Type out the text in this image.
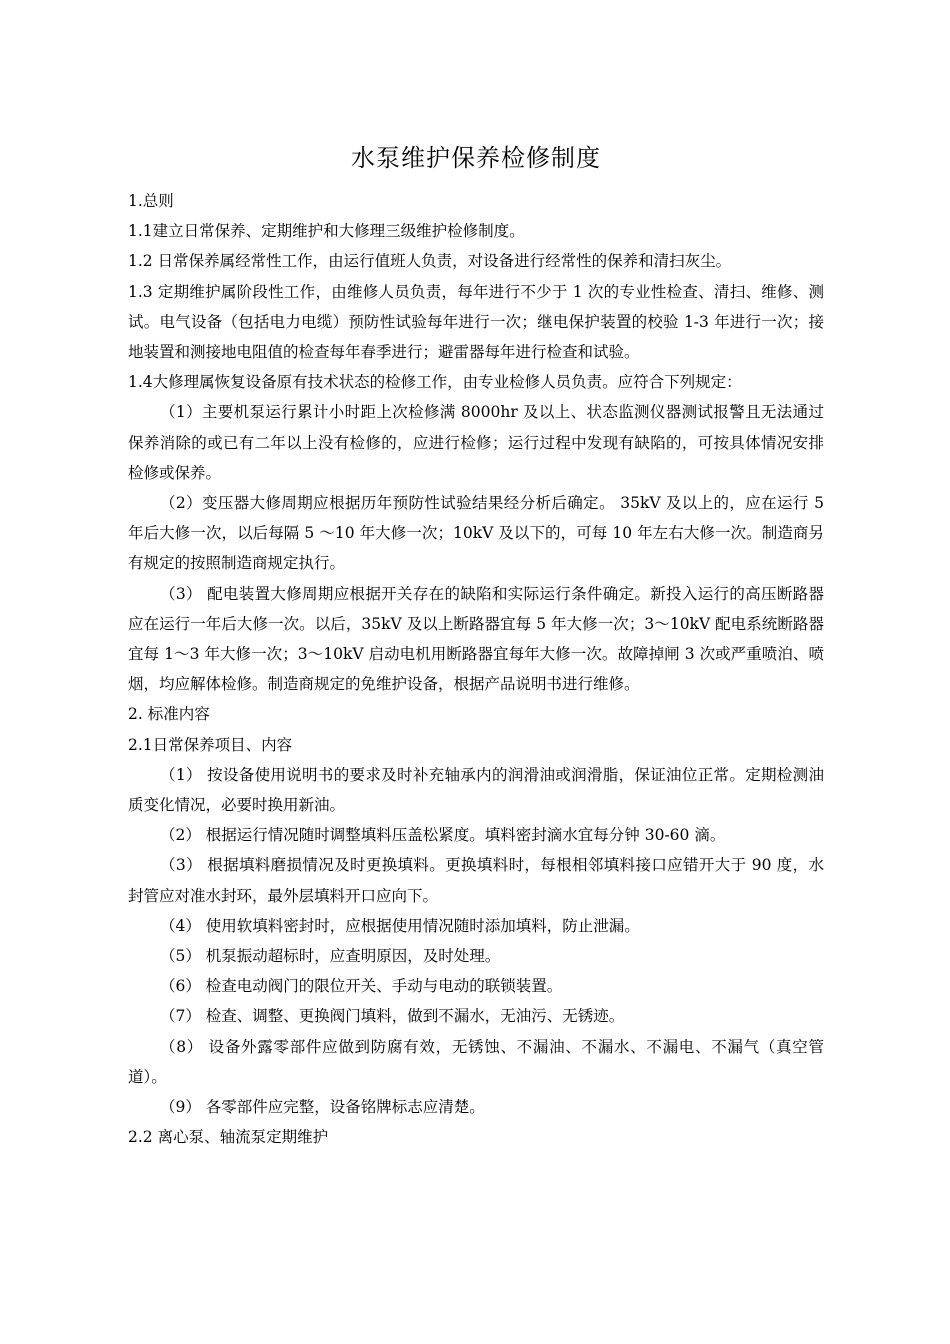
水泵维护保养检修制度

1.总则

1.1建立日常保养、定期维护和大修理三级维护检修制度。

1.2 日常保养属经常性工作，由运行值班人负责，对设备进行经常性的保养和清扫灰尘。

1.3 定期维护属阶段性工作，由维修人员负责，每年进行不少于 1 次的专业性检查、清扫、维修、测试。电气设备（包括电力电缆）预防性试验每年进行一次；继电保护装置的校验 1-3 年进行一次；接地装置和测接地电阻值的检查每年春季进行；避雷器每年进行检查和试验。

1.4大修理属恢复设备原有技术状态的检修工作，由专业检修人员负责。应符合下列规定：

（1）主要机泵运行累计小时距上次检修满 8000hr 及以上、状态监测仪器测试报警且无法通过保养消除的或已有二年以上没有检修的，应进行检修；运行过程中发现有缺陷的，可按具体情况安排检修或保养。

（2）变压器大修周期应根据历年预防性试验结果经分析后确定。 35kV 及以上的，应在运行 5 年后大修一次，以后每隔 5 ～10 年大修一次；10kV 及以下的，可每 10 年左右大修一次。制造商另有规定的按照制造商规定执行。

（3） 配电装置大修周期应根据开关存在的缺陷和实际运行条件确定。新投入运行的高压断路器应在运行一年后大修一次。以后，35kV 及以上断路器宜每 5 年大修一次；3～10kV 配电系统断路器宜每 1～3 年大修一次；3～10kV 启动电机用断路器宜每年大修一次。故障掉闸 3 次或严重喷泊、喷烟，均应解体检修。制造商规定的免维护设备，根据产品说明书进行维修。

2. 标准内容

2.1日常保养项目、内容

（1） 按设备使用说明书的要求及时补充轴承内的润滑油或润滑脂，保证油位正常。定期检测油质变化情况，必要时换用新油。

（2） 根据运行情况随时调整填料压盖松紧度。填料密封滴水宜每分钟 30-60 滴。

（3） 根据填料磨损情况及时更换填料。更换填料时，每根相邻填料接口应错开大于 90 度，水封管应对准水封环，最外层填料开口应向下。

（4） 使用软填料密封时，应根据使用情况随时添加填料，防止泄漏。

（5） 机泵振动超标时，应查明原因，及时处理。

（6） 检查电动阀门的限位开关、手动与电动的联锁装置。

（7） 检查、调整、更换阀门填料，做到不漏水，无油污、无锈迹。

（8） 设备外露零部件应做到防腐有效，无锈蚀、不漏油、不漏水、不漏电、不漏气（真空管道）。

（9） 各零部件应完整，设备铭牌标志应清楚。

2.2 离心泵、轴流泵定期维护
